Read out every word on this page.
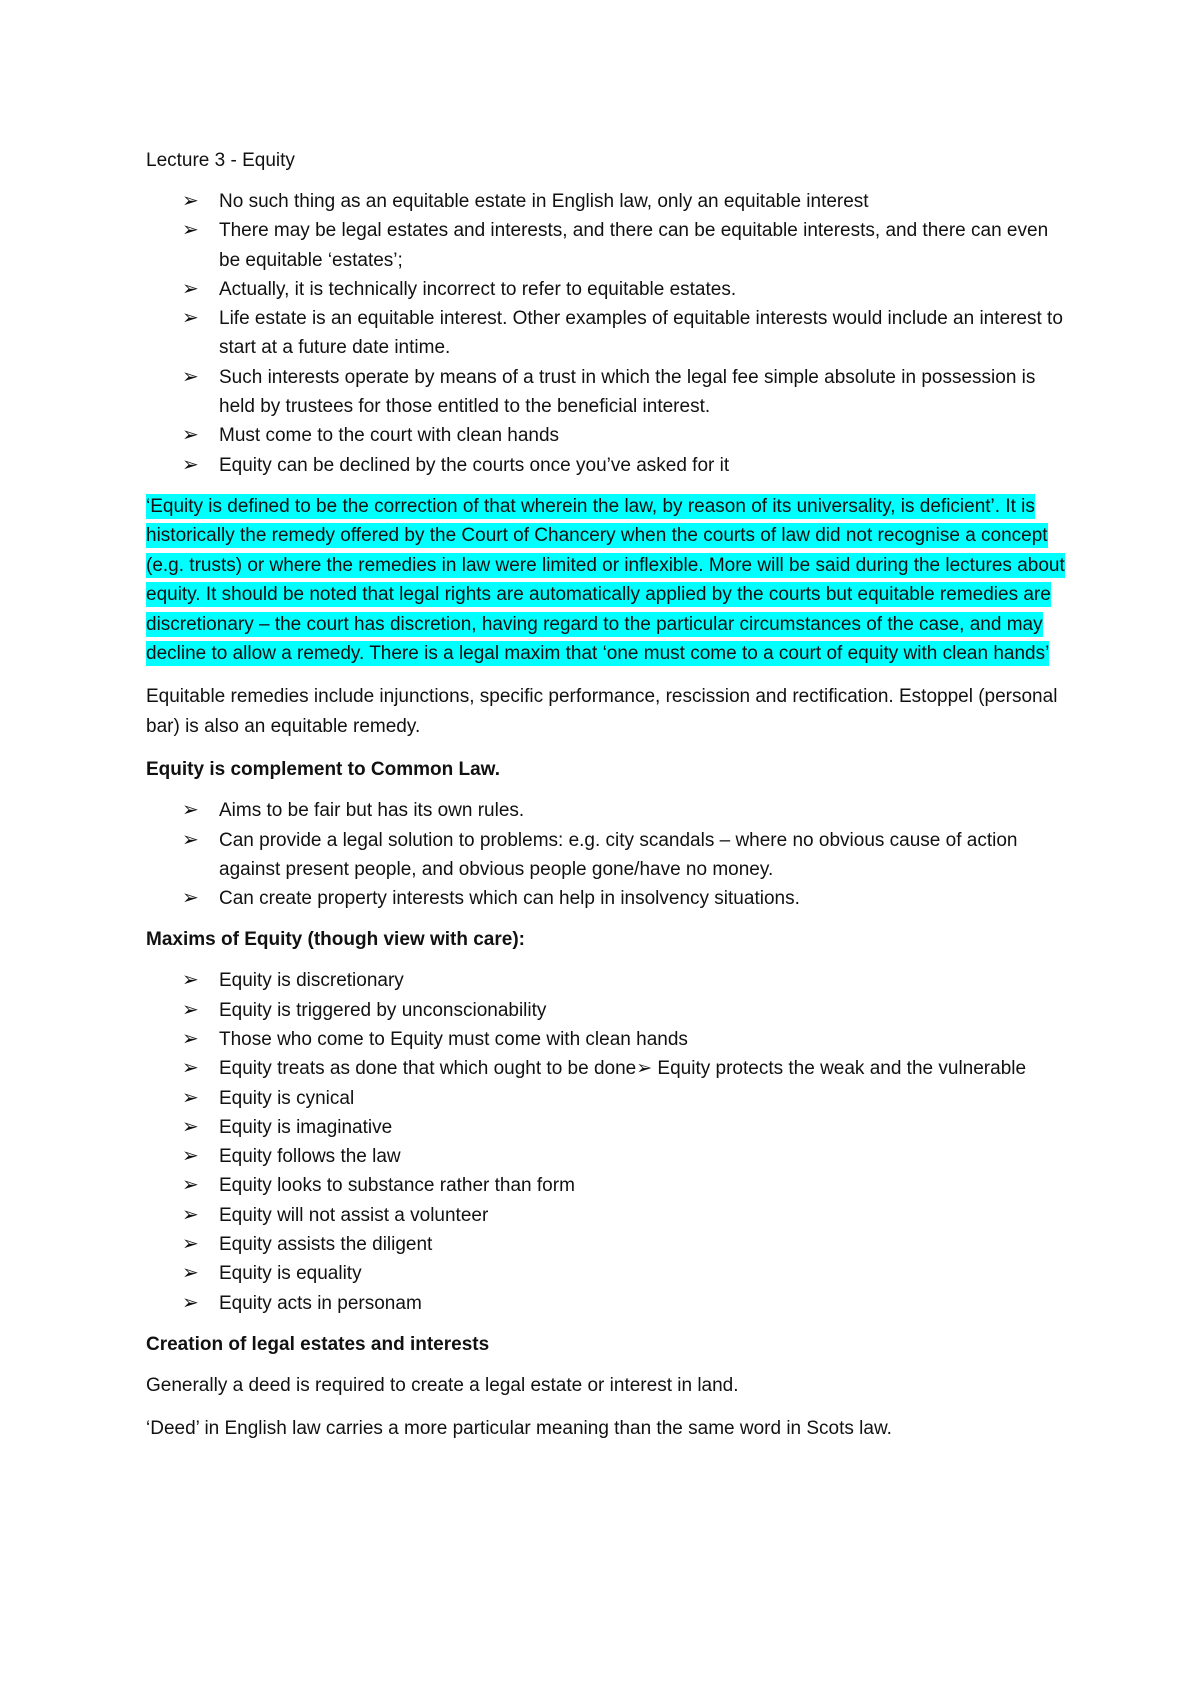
Lecture 3 - Equity
➢ No such thing as an equitable estate in English law, only an equitable interest
➢ There may be legal estates and interests, and there can be equitable interests, and there can even be equitable ‘estates’;
➢ Actually, it is technically incorrect to refer to equitable estates.
➢ Life estate is an equitable interest. Other examples of equitable interests would include an interest to start at a future date intime.
➢ Such interests operate by means of a trust in which the legal fee simple absolute in possession is held by trustees for those entitled to the beneficial interest.
➢ Must come to the court with clean hands
➢ Equity can be declined by the courts once you’ve asked for it

‘Equity is defined to be the correction of that wherein the law, by reason of its universality, is deficient’. It is historically the remedy offered by the Court of Chancery when the courts of law did not recognise a concept (e.g. trusts) or where the remedies in law were limited or inflexible. More will be said during the lectures about equity. It should be noted that legal rights are automatically applied by the courts but equitable remedies are discretionary – the court has discretion, having regard to the particular circumstances of the case, and may decline to allow a remedy. There is a legal maxim that ‘one must come to a court of equity with clean hands’

Equitable remedies include injunctions, specific performance, rescission and rectification. Estoppel (personal bar) is also an equitable remedy.

Equity is complement to Common Law.
➢ Aims to be fair but has its own rules.
➢ Can provide a legal solution to problems: e.g. city scandals – where no obvious cause of action against present people, and obvious people gone/have no money.
➢ Can create property interests which can help in insolvency situations.
Maxims of Equity (though view with care):
➢ Equity is discretionary
➢ Equity is triggered by unconscionability
➢ Those who come to Equity must come with clean hands
➢ Equity treats as done that which ought to be done➢ Equity protects the weak and the vulnerable
➢ Equity is cynical
➢ Equity is imaginative
➢ Equity follows the law
➢ Equity looks to substance rather than form
➢ Equity will not assist a volunteer
➢ Equity assists the diligent
➢ Equity is equality
➢ Equity acts in personam
Creation of legal estates and interests

Generally a deed is required to create a legal estate or interest in land.

‘Deed’ in English law carries a more particular meaning than the same word in Scots law.
